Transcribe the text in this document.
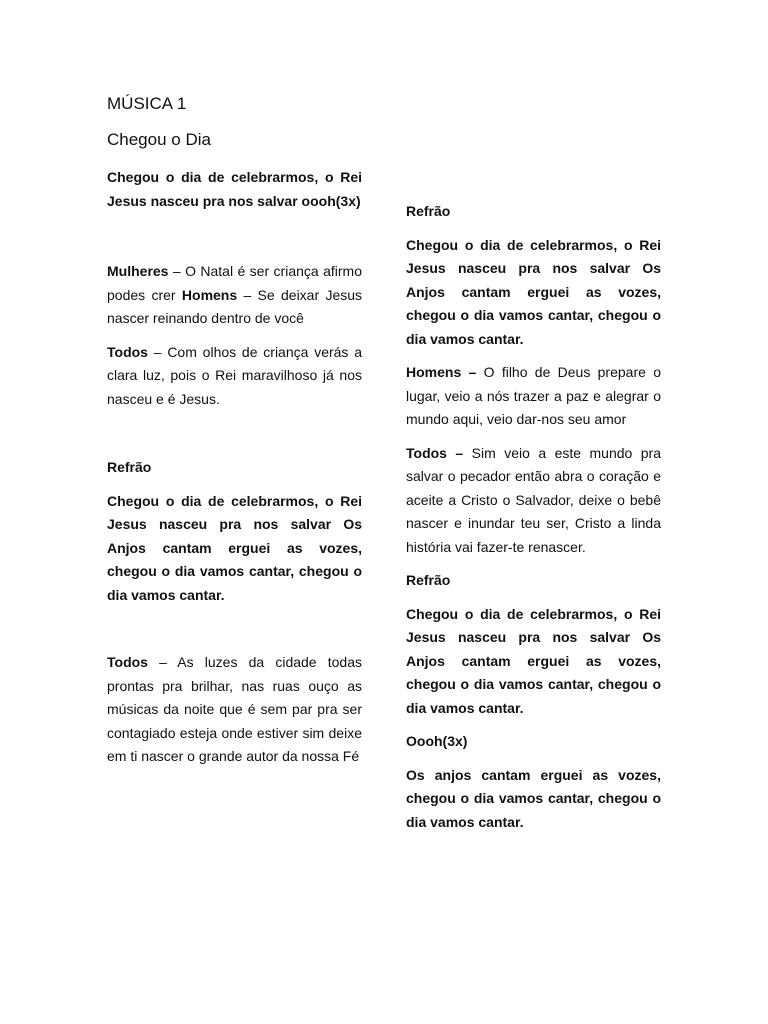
MÚSICA 1
Chegou o Dia

Chegou o dia de celebrarmos, o Rei Jesus nasceu pra nos salvar oooh(3x)

Mulheres – O Natal é ser criança afirmo podes crer Homens – Se deixar Jesus nascer reinando dentro de você

Todos – Com olhos de criança verás a clara luz, pois o Rei maravilhoso já nos nasceu e é Jesus.

Refrão

Chegou o dia de celebrarmos, o Rei Jesus nasceu pra nos salvar Os Anjos cantam erguei as vozes, chegou o dia vamos cantar, chegou o dia vamos cantar.

Todos – As luzes da cidade todas prontas pra brilhar, nas ruas ouço as músicas da noite que é sem par pra ser contagiado esteja onde estiver sim deixe em ti nascer o grande autor da nossa Fé

Refrão

Chegou o dia de celebrarmos, o Rei Jesus nasceu pra nos salvar Os Anjos cantam erguei as vozes, chegou o dia vamos cantar, chegou o dia vamos cantar.

Homens – O filho de Deus prepare o lugar, veio a nós trazer a paz e alegrar o mundo aqui, veio dar-nos seu amor

Todos – Sim veio a este mundo pra salvar o pecador então abra o coração e aceite a Cristo o Salvador, deixe o bebê nascer e inundar teu ser, Cristo a linda história vai fazer-te renascer.

Refrão

Chegou o dia de celebrarmos, o Rei Jesus nasceu pra nos salvar Os Anjos cantam erguei as vozes, chegou o dia vamos cantar, chegou o dia vamos cantar.

Oooh(3x)

Os anjos cantam erguei as vozes, chegou o dia vamos cantar, chegou o dia vamos cantar.
